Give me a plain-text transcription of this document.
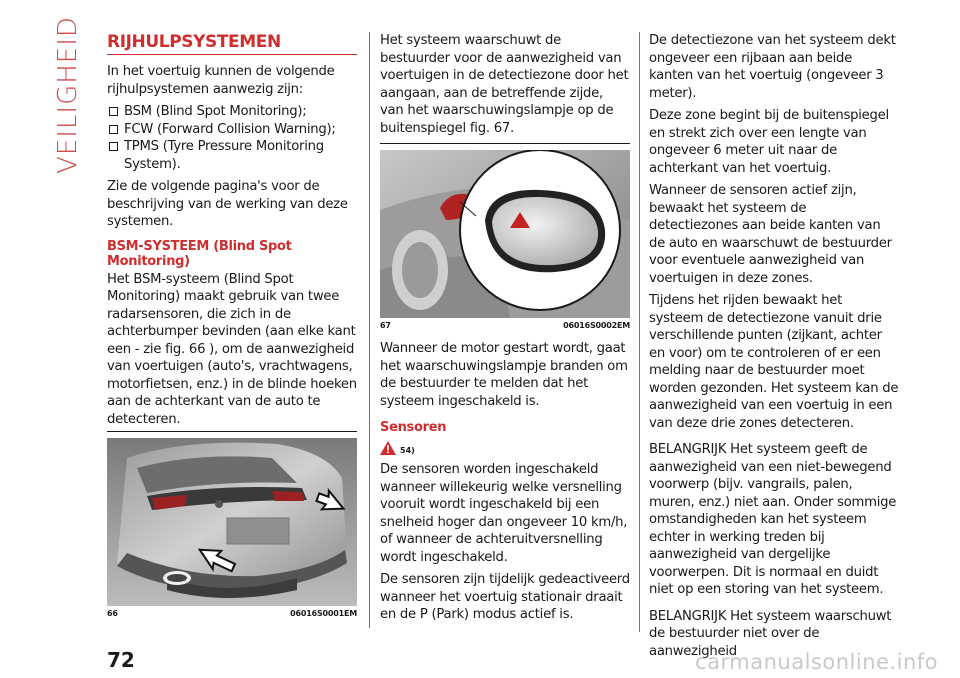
VEILIGHEID RIJHULPSYSTEMEN

In het voertuig kunnen de volgende rijhulpsystemen aanwezig zijn:

BSM (Blind Spot Monitoring);
FCW (Forward Collision Warning);
TPMS (Tyre Pressure Monitoring System).

Zie de volgende pagina's voor de beschrijving van de werking van deze systemen.

BSM-SYSTEEM (Blind Spot Monitoring)

Het BSM-systeem (Blind Spot Monitoring) maakt gebruik van twee radarsensoren, die zich in de achterbumper bevinden (aan elke kant een - zie fig. 66 ), om de aanwezigheid van voertuigen (auto's, vrachtwagens, motorfietsen, enz.) in de blinde hoeken aan de achterkant van de auto te detecteren.

66	06016S0001EM

Het systeem waarschuwt de bestuurder voor de aanwezigheid van voertuigen in de detectiezone door het aangaan, aan de betreffende zijde, van het waarschuwingslampje op de buitenspiegel fig. 67.

67	06016S0002EM

Wanneer de motor gestart wordt, gaat het waarschuwingslampje branden om de bestuurder te melden dat het systeem ingeschakeld is.

Sensoren
54)

De sensoren worden ingeschakeld wanneer willekeurig welke versnelling vooruit wordt ingeschakeld bij een snelheid hoger dan ongeveer 10 km/h, of wanneer de achteruitversnelling wordt ingeschakeld.

De sensoren zijn tijdelijk gedeactiveerd wanneer het voertuig stationair draait en de P (Park) modus actief is.

De detectiezone van het systeem dekt ongeveer een rijbaan aan beide kanten van het voertuig (ongeveer 3 meter).

Deze zone begint bij de buitenspiegel en strekt zich over een lengte van ongeveer 6 meter uit naar de achterkant van het voertuig.

Wanneer de sensoren actief zijn, bewaakt het systeem de detectiezones aan beide kanten van de auto en waarschuwt de bestuurder voor eventuele aanwezigheid van voertuigen in deze zones.

Tijdens het rijden bewaakt het systeem de detectiezone vanuit drie verschillende punten (zijkant, achter en voor) om te controleren of er een melding naar de bestuurder moet worden gezonden. Het systeem kan de aanwezigheid van een voertuig in een van deze drie zones detecteren.

BELANGRIJK Het systeem geeft de aanwezigheid van een niet-bewegend voorwerp (bijv. vangrails, palen, muren, enz.) niet aan. Onder sommige omstandigheden kan het systeem echter in werking treden bij aanwezigheid van dergelijke voorwerpen. Dit is normaal en duidt niet op een storing van het systeem.

BELANGRIJK Het systeem waarschuwt de bestuurder niet over de aanwezigheid

72	carmanualsonline.info
